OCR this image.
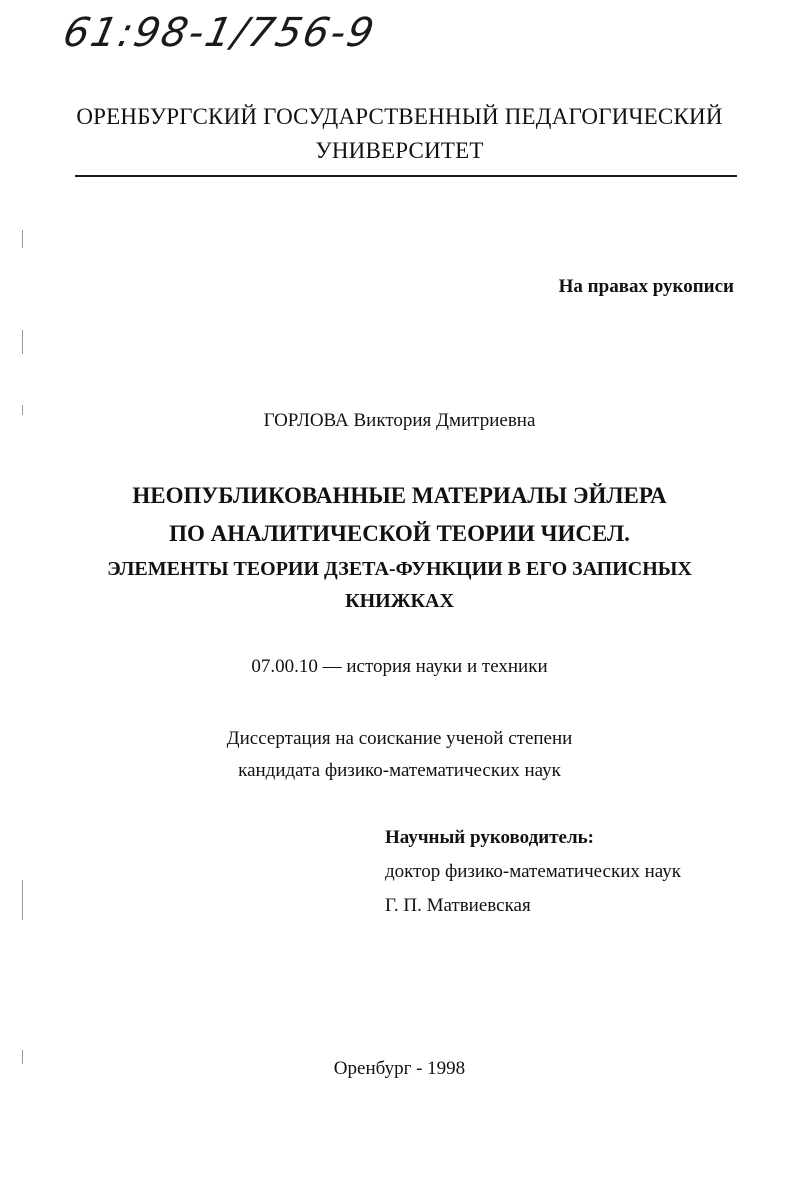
61:98-1/756-9
ОРЕНБУРГСКИЙ ГОСУДАРСТВЕННЫЙ ПЕДАГОГИЧЕСКИЙ
УНИВЕРСИТЕТ
На правах рукописи
ГОРЛОВА Виктория Дмитриевна
НЕОПУБЛИКОВАННЫЕ МАТЕРИАЛЫ ЭЙЛЕРА
ПО АНАЛИТИЧЕСКОЙ ТЕОРИИ ЧИСЕЛ.
ЭЛЕМЕНТЫ ТЕОРИИ ДЗЕТА-ФУНКЦИИ В ЕГО ЗАПИСНЫХ
КНИЖКАХ
07.00.10 — история науки и техники
Диссертация на соискание ученой степени
кандидата физико-математических наук
Научный руководитель:
доктор физико-математических наук
Г. П. Матвиевская
Оренбург - 1998
